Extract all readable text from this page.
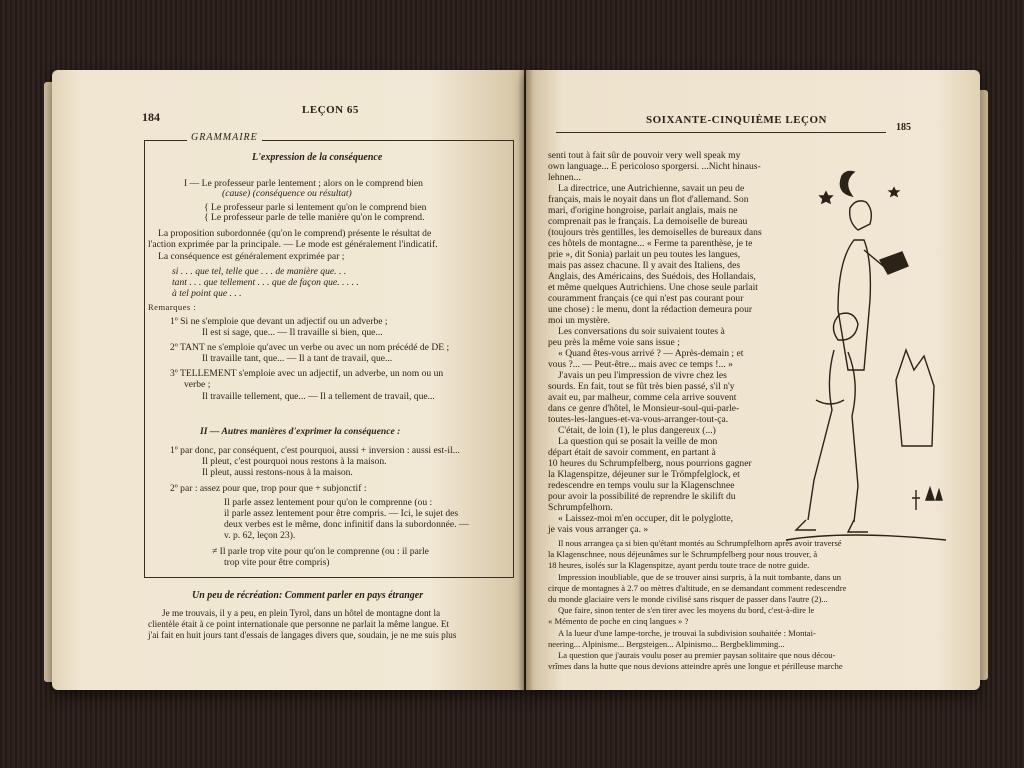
184	LEÇON 65
GRAMMAIRE
L'expression de la conséquence
I — Le professeur parle lentement ; alors on le comprend bien
(cause) (conséquence ou résultat)
{ Le professeur parle si lentement qu'on le comprend bien
{ Le professeur parle de telle manière qu'on le comprend.
La proposition subordonnée (qu'on le comprend) présente le résultat de
l'action exprimée par la principale. — Le mode est généralement l'indicatif.
La conséquence est généralement exprimée par ;
si . . . que tel, telle que . . . de manière que. . .
tant . . . que tellement . . . que de façon que. . . . .
à tel point que . . .
Remarques :
1º Si ne s'emploie que devant un adjectif ou un adverbe ;
Il est si sage, que... — Il travaille si bien, que...
2º TANT ne s'emploie qu'avec un verbe ou avec un nom précédé de DE ;
Il travaille tant, que... — Il a tant de travail, que...
3º TELLEMENT s'emploie avec un adjectif, un adverbe, un nom ou un
verbe ;
Il travaille tellement, que... — Il a tellement de travail, que...
II — Autres manières d'exprimer la conséquence :
1º par donc, par conséquent, c'est pourquoi, aussi + inversion : aussi est-il...
Il pleut, c'est pourquoi nous restons à la maison.
Il pleut, aussi restons-nous à la maison.
2º par : assez pour que, trop pour que + subjonctif :
Il parle assez lentement pour qu'on le comprenne (ou :
il parle assez lentement pour être compris. — Ici, le sujet des
deux verbes est le même, donc infinitif dans la subordonnée. —
v. p. 62, leçon 23).
≠ Il parle trop vite pour qu'on le comprenne (ou : il parle
trop vite pour être compris)
Un peu de récréation: Comment parler en pays étranger
Je me trouvais, il y a peu, en plein Tyrol, dans un hôtel de montagne dont la
clientèle était à ce point internationale que personne ne parlait la même langue. Et
j'ai fait en huit jours tant d'essais de langages divers que, soudain, je ne me suis plus
SOIXANTE-CINQUIÈME LEÇON
185
senti tout à fait sûr de pouvoir very well speak my
own language... E pericoloso sporgersi. ...Nicht hinaus-
lehnen...
La directrice, une Autrichienne, savait un peu de
français, mais le noyait dans un flot d'allemand. Son
mari, d'origine hongroise, parlait anglais, mais ne
comprenait pas le français. La demoiselle de bureau
(toujours très gentilles, les demoiselles de bureaux dans
ces hôtels de montagne... « Ferme ta parenthèse, je te
prie », dit Sonia) parlait un peu toutes les langues,
mais pas assez chacune. Il y avait des Italiens, des
Anglais, des Américains, des Suédois, des Hollandais,
et même quelques Autrichiens. Une chose seule parlait
couramment français (ce qui n'est pas courant pour
une chose) : le menu, dont la rédaction demeura pour
moi un mystère.
Les conversations du soir suivaient toutes à
peu près la même voie sans issue ;
« Quand êtes-vous arrivé ? — Après-demain ; et
vous ?... — Peut-être... mais avec ce temps !... »
J'avais un peu l'impression de vivre chez les
sourds. En fait, tout se fût très bien passé, s'il n'y
avait eu, par malheur, comme cela arrive souvent
dans ce genre d'hôtel, le Monsieur-soul-qui-parle-
toutes-les-langues-et-va-vous-arranger-tout-ça.
C'était, de loin (1), le plus dangereux (...)
La question qui se posait la veille de mon
départ était de savoir comment, en partant à
10 heures du Schrumpfelberg, nous pourrions gagner
la Klagenspitze, déjeuner sur le Trömpfelglock, et
redescendre en temps voulu sur la Klagenschnee
pour avoir la possibilité de reprendre le skilift du
Schrumpfelhorn.
« Laissez-moi m'en occuper, dit le polyglotte,
je vais vous arranger ça. »
Il nous arrangea ça si bien qu'étant montés au Schrumpfelhorn après avoir traversé
la Klagenschnee, nous déjeunâmes sur le Schrumpfelberg pour nous trouver, à
18 heures, isolés sur la Klagenspitze, ayant perdu toute trace de notre guide.
Impression inoubliable, que de se trouver ainsi surpris, à la nuit tombante, dans un
cirque de montagnes à 2.7 oo mètres d'altitude, en se demandant comment redescendre
du monde glaciaire vers le monde civilisé sans risquer de passer dans l'autre (2)...
Que faire, sinon tenter de s'en tirer avec les moyens du bord, c'est-à-dire le
« Mémento de poche en cinq langues » ?
A la lueur d'une lampe-torche, je trouvai la subdivision souhaitée : Montai-
neering... Alpinisme... Bergsteigen... Alpinismo... Bergbeklimming...
La question que j'aurais voulu poser au premier paysan solitaire que nous décou-
vrîmes dans la hutte que nous devions atteindre après une longue et périlleuse marche
